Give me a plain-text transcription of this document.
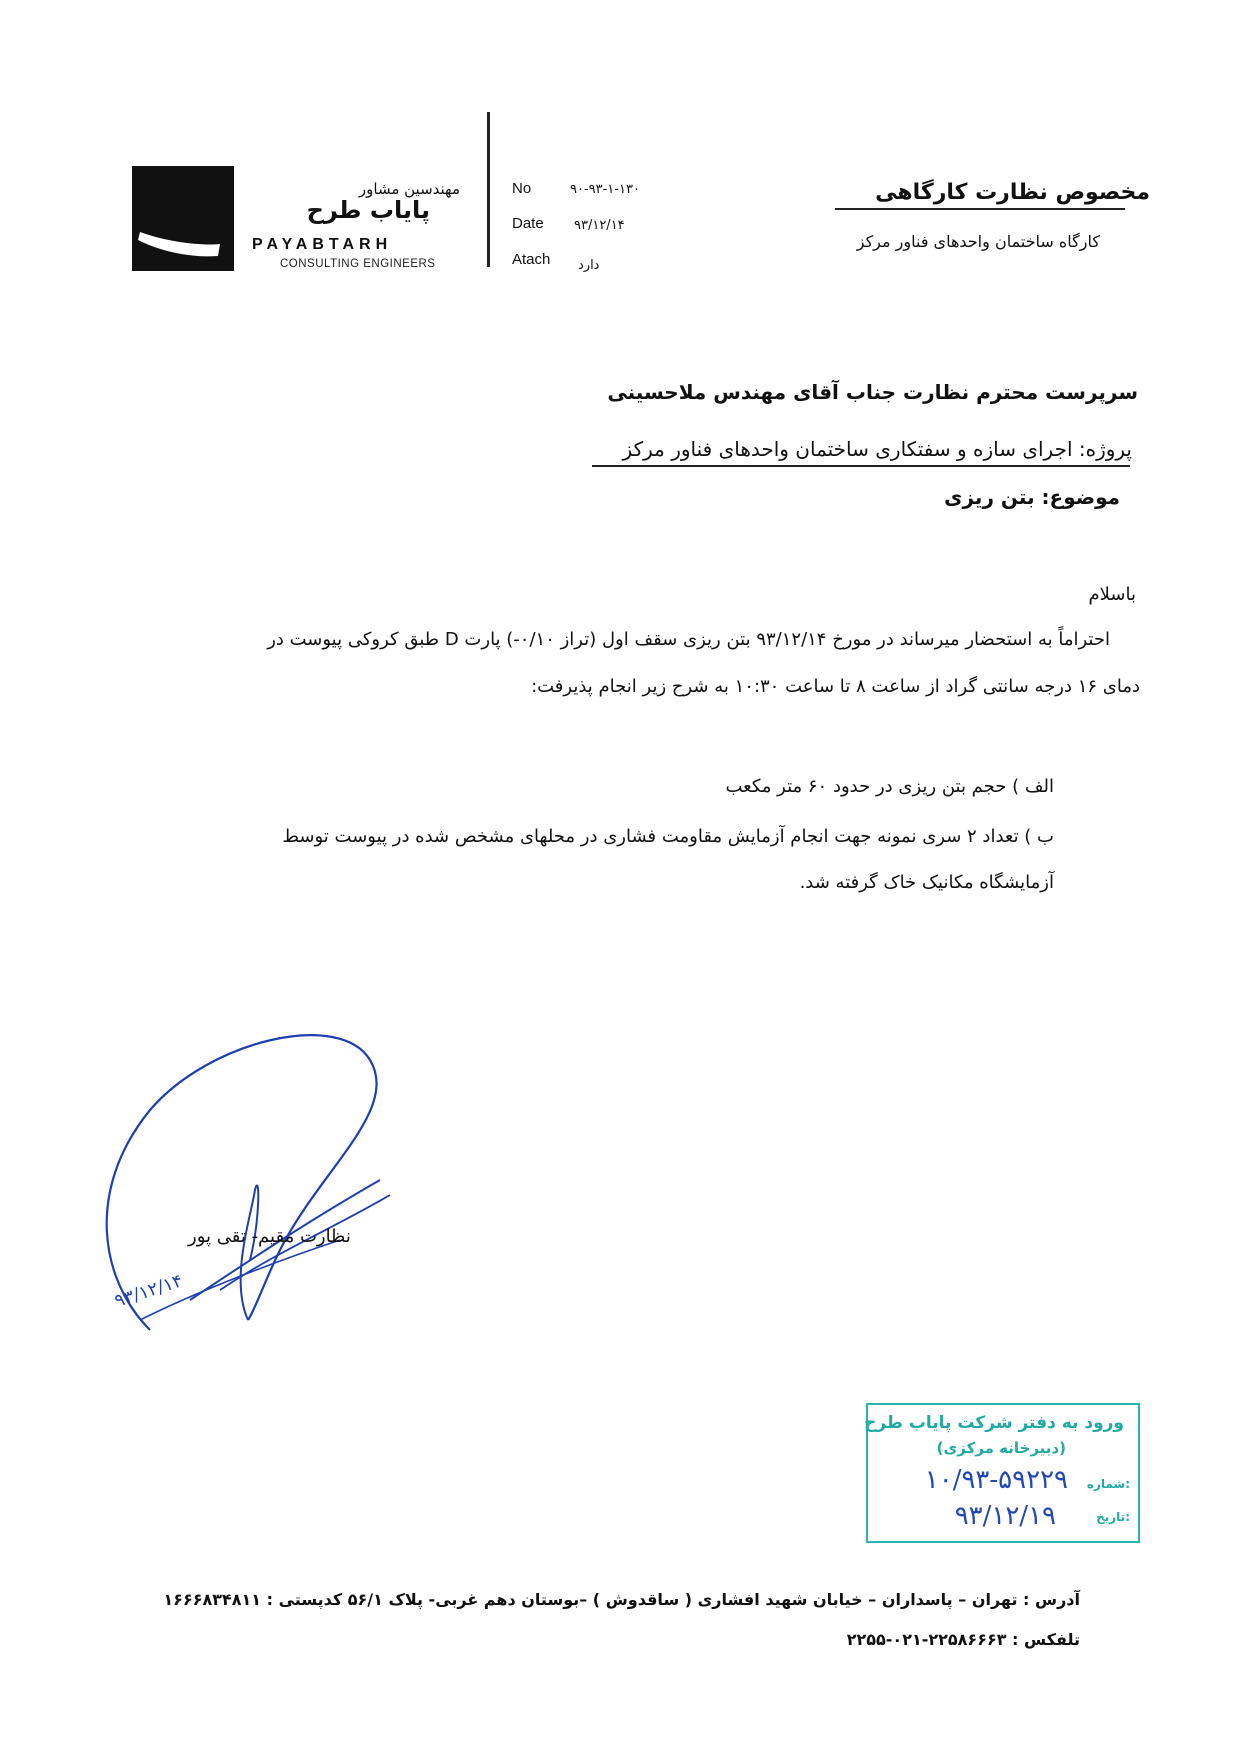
مهندسین مشاور
پایاب طرح
PAYABTARH
CONSULTING ENGINEERS
No	۹۰-۹۳-۱-۱۳۰
Date ۹۳/۱۲/۱۴
Atach دارد
مخصوص نظارت کارگاهی
کارگاه ساختمان واحدهای فناور مرکز
سرپرست محترم نظارت جناب آقای مهندس ملاحسینی
پروژه: اجرای سازه و سفتکاری ساختمان واحدهای فناور مرکز
موضوع: بتن ریزی
باسلام
احتراماً به استحضار میرساند در مورخ ۹۳/۱۲/۱۴ بتن ریزی سقف اول (تراز ۰/۱۰-) پارت D طبق کروکی پیوست در
دمای ۱۶ درجه سانتی گراد از ساعت ۸ تا ساعت ۱۰:۳۰ به شرح زیر انجام پذیرفت:
الف ) حجم بتن ریزی در حدود ۶۰ متر مکعب
ب ) تعداد ۲ سری نمونه جهت انجام آزمایش مقاومت فشاری در محلهای مشخص شده در پیوست توسط
آزمایشگاه مکانیک خاک گرفته شد.
نظارت مقیم- تقی پور
۹۳/۱۲/۱۴
ورود به دفتر شرکت پایاب طرح
(دبیرخانه مرکزی)
شماره:
۱۰/۹۳-۵۹۲۲۹
تاریخ:
۹۳/۱۲/۱۹
آدرس : تهران – پاسداران – خیابان شهید افشاری ( ساقدوش ) –بوستان دهم غربی- پلاک ۵۶/۱ کدپستی : ۱۶۶۶۸۳۴۸۱۱
تلفکس : ۲۲۵۸۶۶۶۳-۰۲۱-۲۲۵۵
